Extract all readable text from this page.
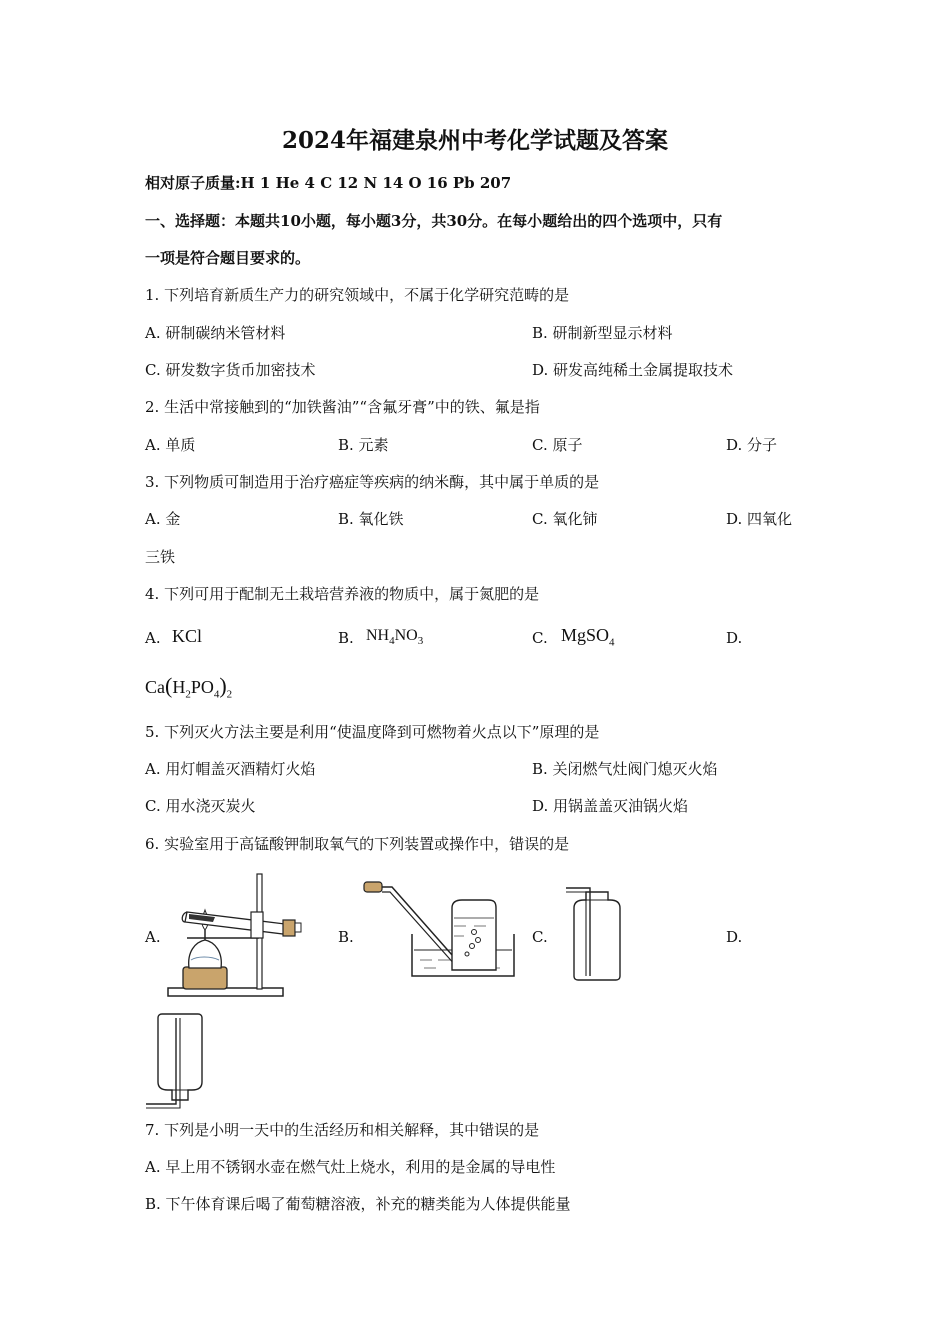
2024年福建泉州中考化学试题及答案
相对原子质量:H 1 He 4 C 12 N 14 O 16 Pb 207
一、选择题：本题共10小题，每小题3分，共30分。在每小题给出的四个选项中，只有
一项是符合题目要求的。
1. 下列培育新质生产力的研究领域中，不属于化学研究范畴的是
A. 研制碳纳米管材料	B. 研制新型显示材料
C. 研发数字货币加密技术	D. 研发高纯稀土金属提取技术
2. 生活中常接触到的“加铁酱油”“含氟牙膏”中的铁、氟是指
A. 单质	B. 元素	C. 原子	D. 分子
3. 下列物质可制造用于治疗癌症等疾病的纳米酶，其中属于单质的是
A. 金	B. 氧化铁	C. 氧化铈	D. 四氧化
三铁
4. 下列可用于配制无土栽培营养液的物质中，属于氮肥的是
A. KCl	B. $NH_4NO_3$	C. MgSO$_4$	D.
$Ca(H_2PO_4)_2$
5. 下列灭火方法主要是利用“使温度降到可燃物着火点以下”原理的是
A. 用灯帽盖灭酒精灯火焰	B. 关闭燃气灶阀门熄灭火焰
C. 用水浇灭炭火	D. 用锅盖盖灭油锅火焰
6. 实验室用于高锰酸钾制取氧气的下列装置或操作中，错误的是
A.	B.	C.	D.
7. 下列是小明一天中的生活经历和相关解释，其中错误的是
A. 早上用不锈钢水壶在燃气灶上烧水，利用的是金属的导电性
B. 下午体育课后喝了葡萄糖溶液，补充的糖类能为人体提供能量
